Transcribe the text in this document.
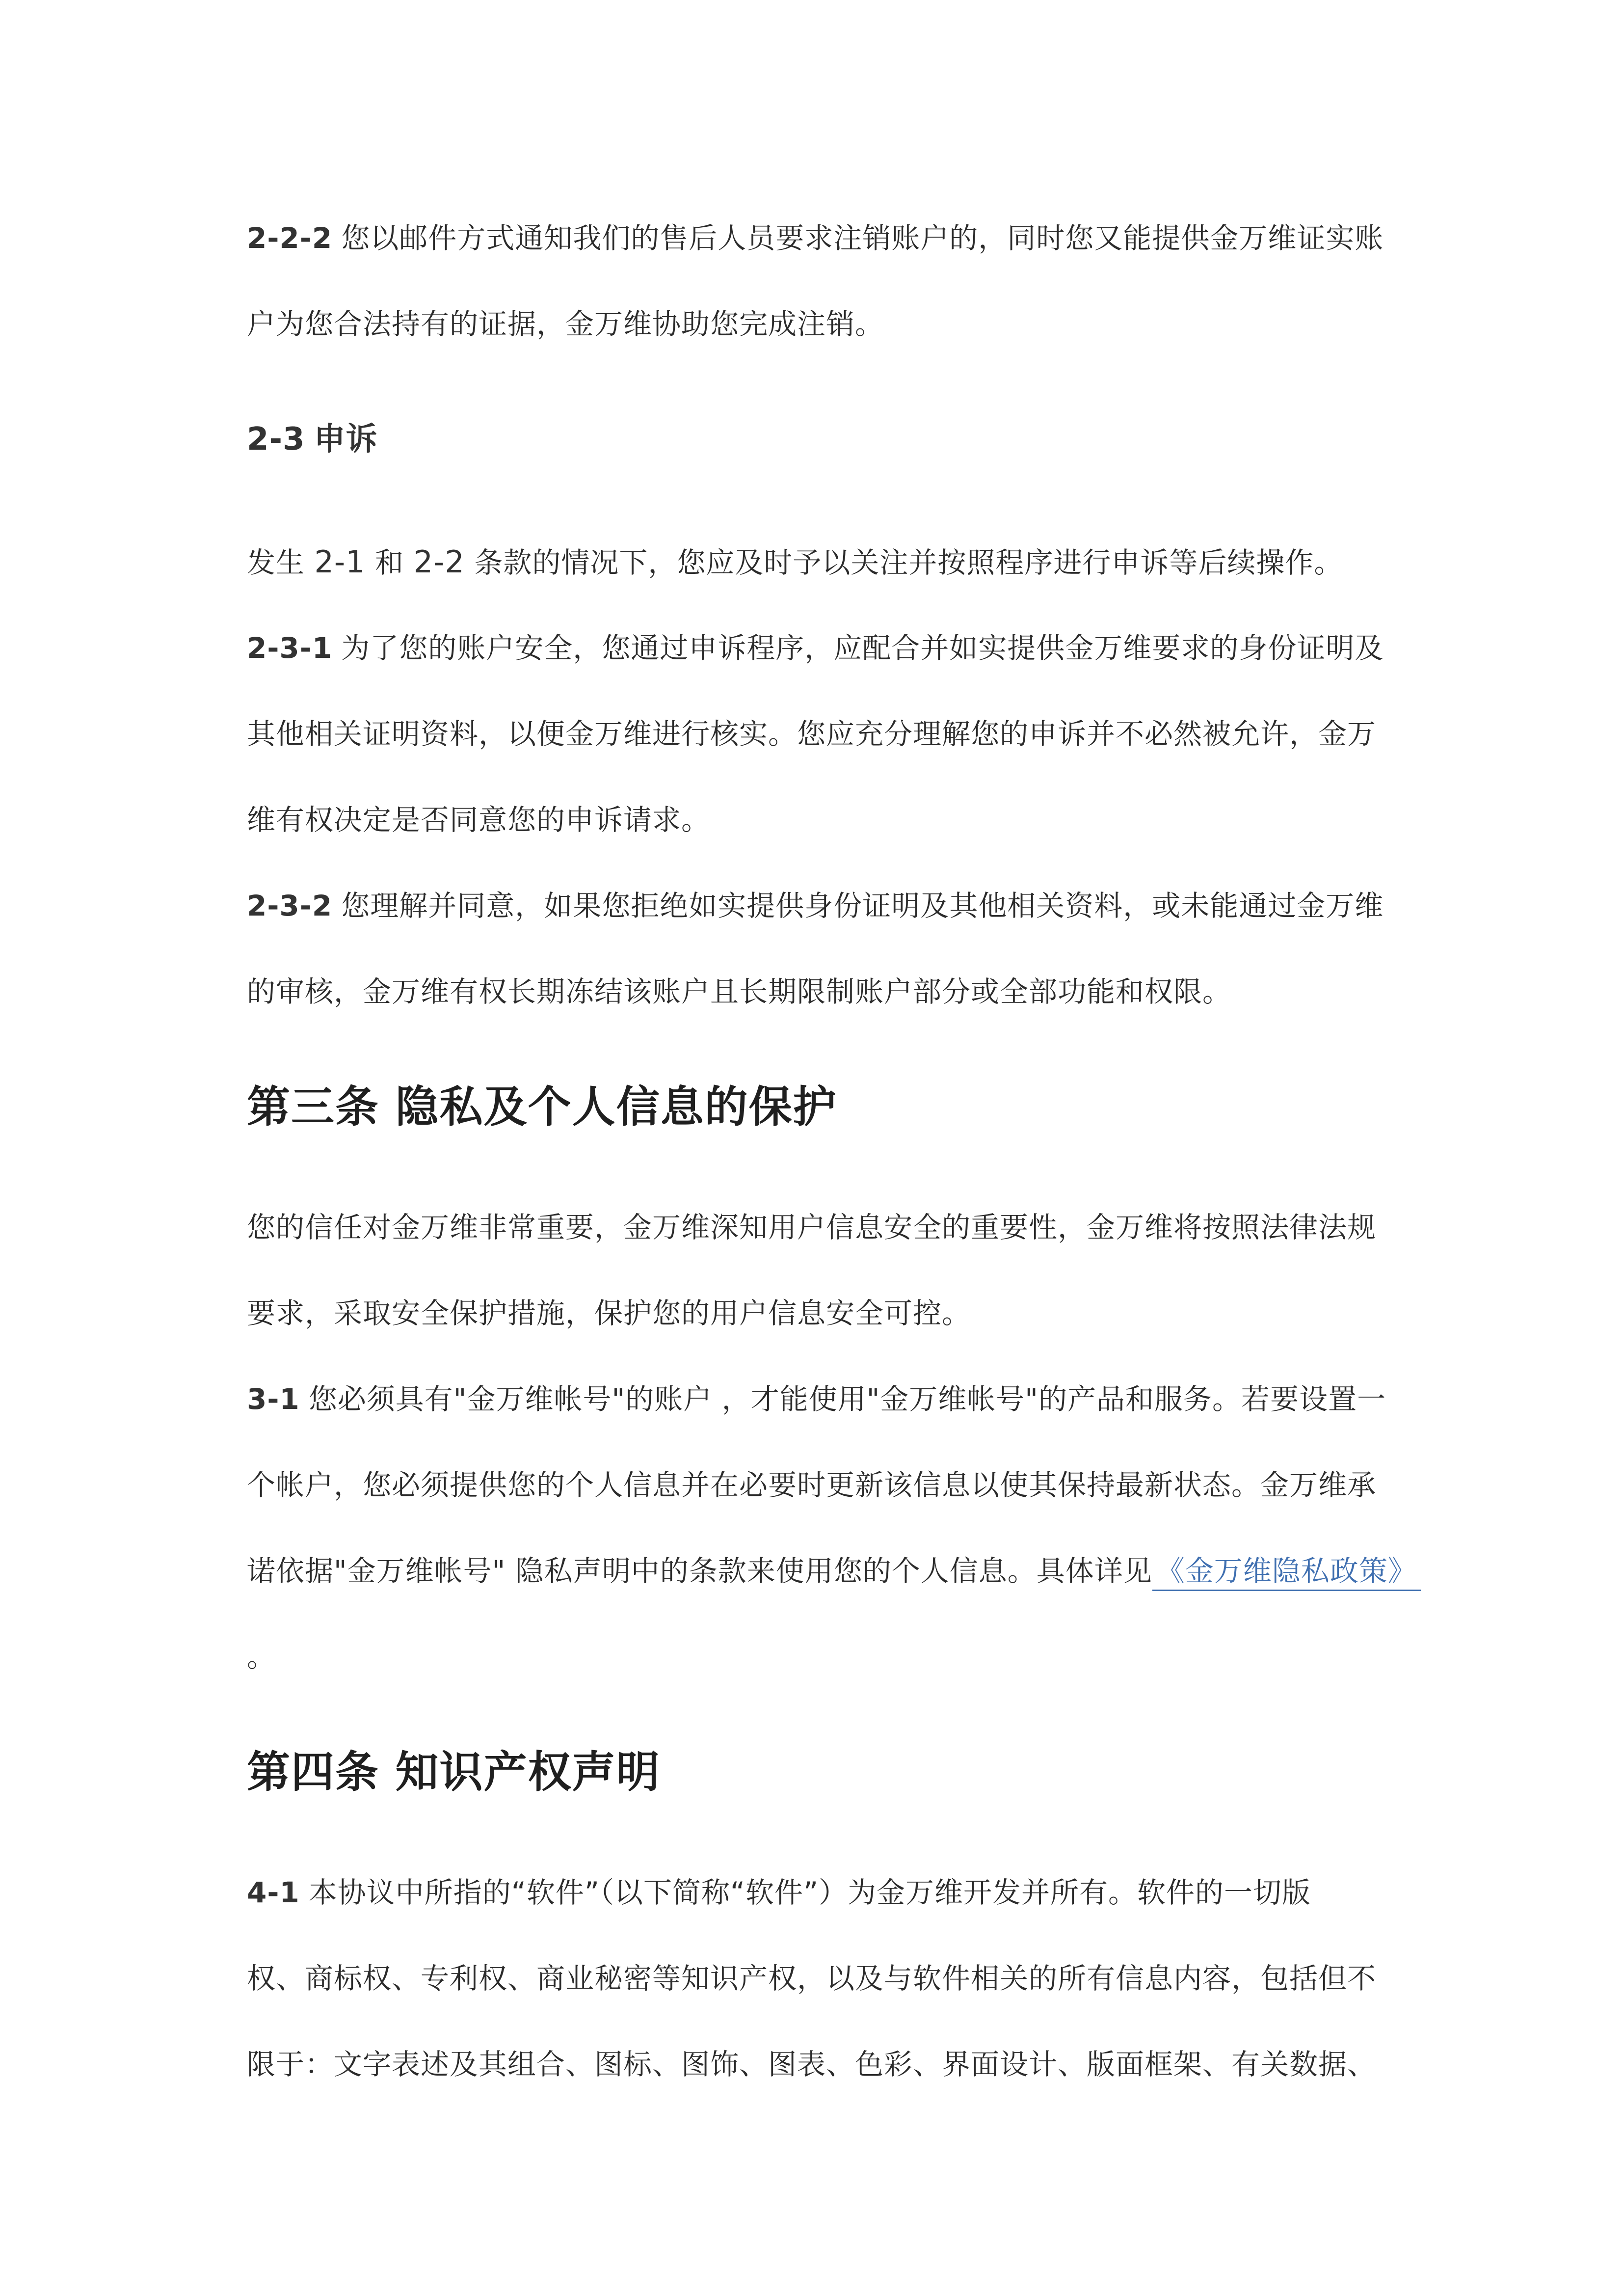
2-2-2 您以邮件方式通知我们的售后人员要求注销账户的，同时您又能提供金万维证实账
户为您合法持有的证据，金万维协助您完成注销。
2-3 申诉
发生 2-1 和 2-2 条款的情况下，您应及时予以关注并按照程序进行申诉等后续操作。
2-3-1 为了您的账户安全，您通过申诉程序，应配合并如实提供金万维要求的身份证明及
其他相关证明资料，以便金万维进行核实。您应充分理解您的申诉并不必然被允许，金万
维有权决定是否同意您的申诉请求。
2-3-2 您理解并同意，如果您拒绝如实提供身份证明及其他相关资料，或未能通过金万维
的审核，金万维有权长期冻结该账户且长期限制账户部分或全部功能和权限。
第三条 隐私及个人信息的保护
您的信任对金万维非常重要，金万维深知用户信息安全的重要性，金万维将按照法律法规
要求，采取安全保护措施，保护您的用户信息安全可控。
3-1 您必须具有"金万维帐号"的账户 ，才能使用"金万维帐号"的产品和服务。若要设置一
个帐户，您必须提供您的个人信息并在必要时更新该信息以使其保持最新状态。金万维承
诺依据"金万维帐号" 隐私声明中的条款来使用您的个人信息。具体详见 《金万维隐私政策》
。
第四条 知识产权声明
4-1 本协议中所指的“软件”（以下简称“软件”）为金万维开发并所有。软件的一切版
权、商标权、专利权、商业秘密等知识产权，以及与软件相关的所有信息内容，包括但不
限于：文字表述及其组合、图标、图饰、图表、色彩、界面设计、版面框架、有关数据、
